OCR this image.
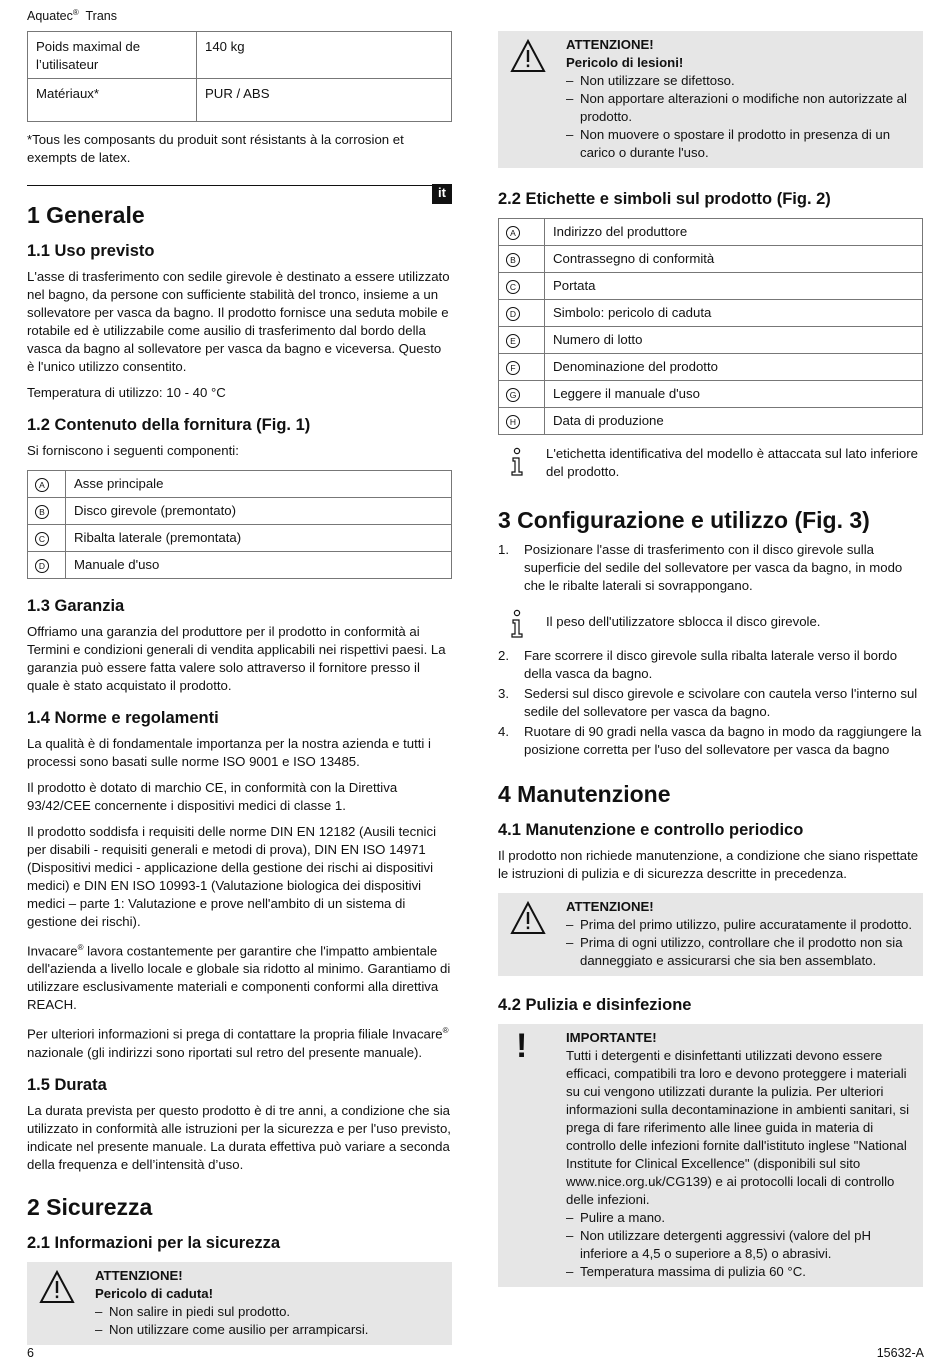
Aquatec® Trans
6	15632-A
Poids maximal de l’utilisateur	140 kg
Matériaux*	PUR / ABS

*Tous les composants du produit sont résistants à la corrosion et exempts de latex.

it
1 Generale
1.1 Uso previsto

L'asse di trasferimento con sedile girevole è destinato a essere utilizzato nel bagno, da persone con sufficiente stabilità del tronco, insieme a un sollevatore per vasca da bagno. Il prodotto fornisce una seduta mobile e rotabile ed è utilizzabile come ausilio di trasferimento dal bordo della vasca da bagno al sollevatore per vasca da bagno e viceversa. Questo è l'unico utilizzo consentito.

Temperatura di utilizzo: 10 - 40 °C

1.2 Contenuto della fornitura (Fig. 1)

Si forniscono i seguenti componenti:

A	Asse principale
B	Disco girevole (premontato)
C	Ribalta laterale (premontata)
D	Manuale d'uso
1.3 Garanzia

Offriamo una garanzia del produttore per il prodotto in conformità ai Termini e condizioni generali di vendita applicabili nei rispettivi paesi. La garanzia può essere fatta valere solo attraverso il fornitore presso il quale è stato acquistato il prodotto.

1.4 Norme e regolamenti

La qualità è di fondamentale importanza per la nostra azienda e tutti i processi sono basati sulle norme ISO 9001 e ISO 13485.

Il prodotto è dotato di marchio CE, in conformità con la Direttiva 93/42/CEE concernente i dispositivi medici di classe 1.

Il prodotto soddisfa i requisiti delle norme DIN EN 12182 (Ausili tecnici per disabili - requisiti generali e metodi di prova), DIN EN ISO 14971 (Dispositivi medici - applicazione della gestione dei rischi ai dispositivi medici) e DIN EN ISO 10993-1 (Valutazione biologica dei dispositivi medici – parte 1: Valutazione e prove nell'ambito di un sistema di gestione dei rischi).

Invacare® lavora costantemente per garantire che l'impatto ambientale dell'azienda a livello locale e globale sia ridotto al minimo. Garantiamo di utilizzare esclusivamente materiali e componenti conformi alla direttiva REACH.

Per ulteriori informazioni si prega di contattare la propria filiale Invacare® nazionale (gli indirizzi sono riportati sul retro del presente manuale).

1.5 Durata

La durata prevista per questo prodotto è di tre anni, a condizione che sia utilizzato in conformità alle istruzioni per la sicurezza e per l'uso previsto, indicate nel presente manuale. La durata effettiva può variare a seconda della frequenza e dell’intensità d’uso.

2 Sicurezza
2.1 Informazioni per la sicurezza
ATTENZIONE!
Pericolo di caduta!
– Non salire in piedi sul prodotto.
– Non utilizzare come ausilio per arrampicarsi.
ATTENZIONE!
Pericolo di lesioni!
– Non utilizzare se difettoso.
– Non apportare alterazioni o modifiche non autorizzate al prodotto.
– Non muovere o spostare il prodotto in presenza di un carico o durante l'uso.
2.2 Etichette e simboli sul prodotto (Fig. 2)
A	Indirizzo del produttore
B	Contrassegno di conformità
C	Portata
D	Simbolo: pericolo di caduta
E	Numero di lotto
F	Denominazione del prodotto
G	Leggere il manuale d'uso
H	Data di produzione
L'etichetta identificativa del modello è attaccata sul lato inferiore del prodotto.
3 Configurazione e utilizzo (Fig. 3)
1. Posizionare l'asse di trasferimento con il disco girevole sulla superficie del sedile del sollevatore per vasca da bagno, in modo che le ribalte laterali si sovrappongano.
Il peso dell'utilizzatore sblocca il disco girevole.
2. Fare scorrere il disco girevole sulla ribalta laterale verso il bordo della vasca da bagno.
3. Sedersi sul disco girevole e scivolare con cautela verso l'interno sul sedile del sollevatore per vasca da bagno.
4. Ruotare di 90 gradi nella vasca da bagno in modo da raggiungere la posizione corretta per l'uso del sollevatore per vasca da bagno
4 Manutenzione
4.1 Manutenzione e controllo periodico

Il prodotto non richiede manutenzione, a condizione che siano rispettate le istruzioni di pulizia e di sicurezza descritte in precedenza.

ATTENZIONE!
– Prima del primo utilizzo, pulire accuratamente il prodotto.
– Prima di ogni utilizzo, controllare che il prodotto non sia danneggiato e assicurarsi che sia ben assemblato.
4.2 Pulizia e disinfezione
!	IMPORTANTE!
Tutti i detergenti e disinfettanti utilizzati devono essere efficaci, compatibili tra loro e devono proteggere i materiali su cui vengono utilizzati durante la pulizia. Per ulteriori informazioni sulla decontaminazione in ambienti sanitari, si prega di fare riferimento alle linee guida in materia di controllo delle infezioni fornite dall'istituto inglese "National Institute for Clinical Excellence" (disponibili sul sito www.nice.org.uk/CG139) e ai protocolli locali di controllo delle infezioni.
– Pulire a mano.
– Non utilizzare detergenti aggressivi (valore del pH inferiore a 4,5 o superiore a 8,5) o abrasivi.
– Temperatura massima di pulizia 60 °C.
